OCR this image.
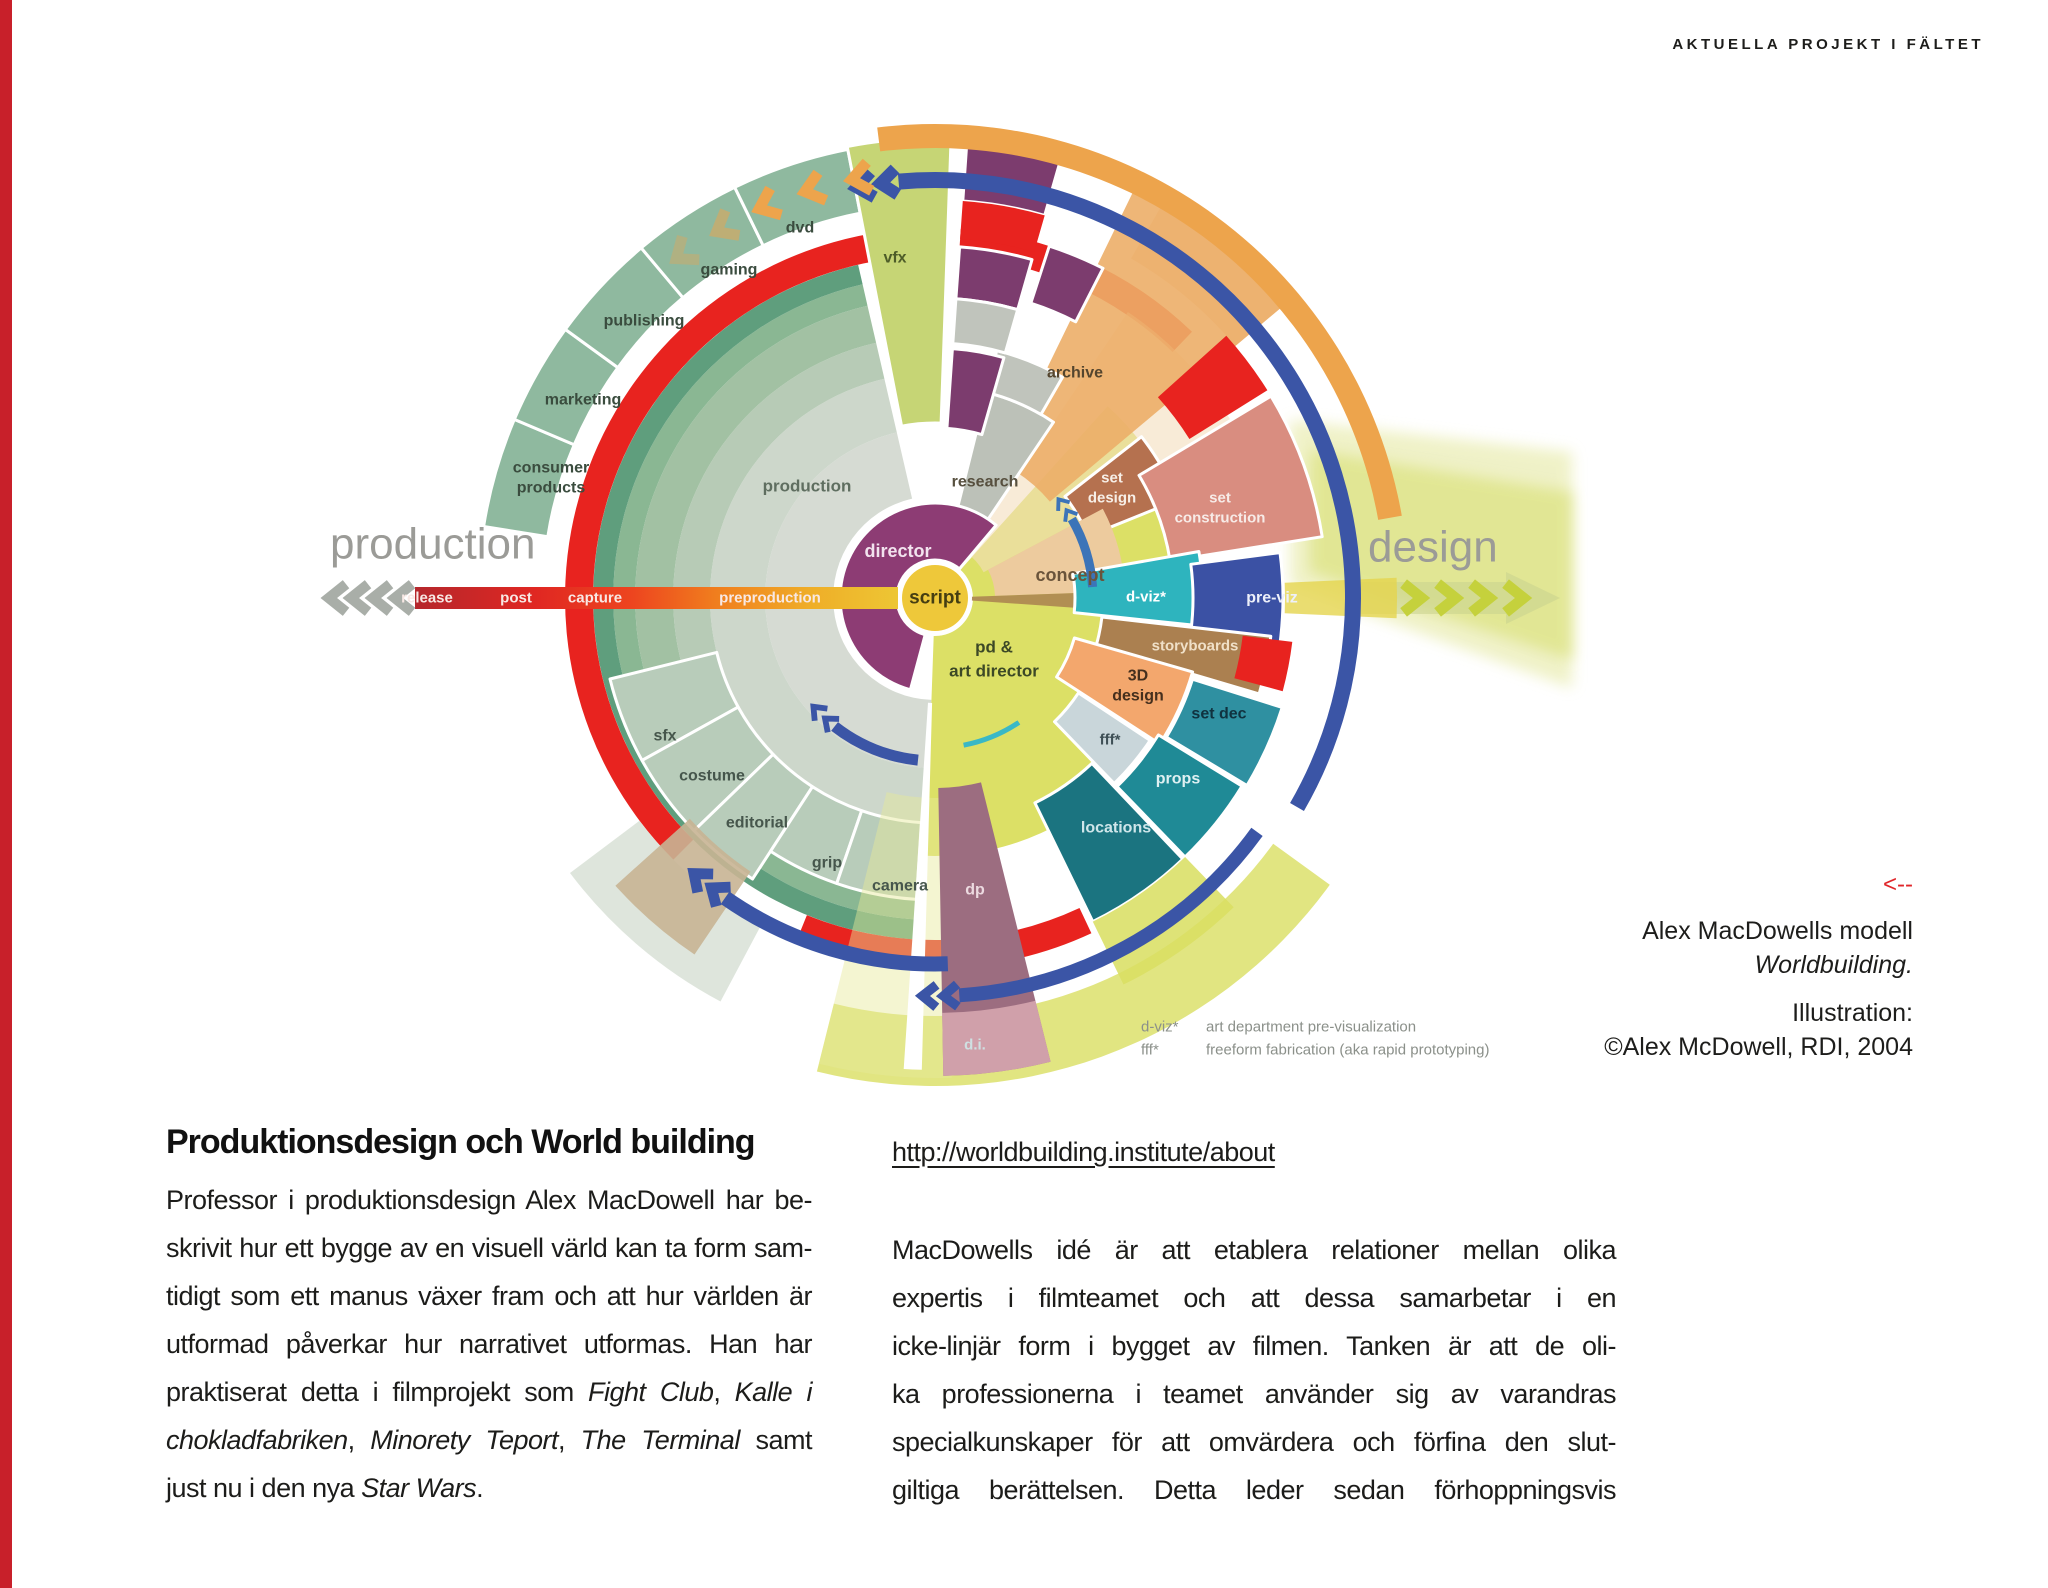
AKTUELLA PROJEKT I FÄLTET
dvd
gaming
publishing
marketing
consumer
products	production
sfx
costume
editorial
grip
camera
vfx
director
script
pd &
art director
concept
research
archive
set
design	set
construction
d-viz*	pre-viz
storyboards
3D
design
set dec
fff*
props
locations
dp
d.i.
release	post capture	preproduction
production	design
d-viz* art department pre-visualization
fff*	freeform fabrication (aka rapid prototyping)
<--
Alex MacDowells modell
Worldbuilding.
Illustration:
©Alex McDowell, RDI, 2004
Produktionsdesign och World building
Professor i produktionsdesign Alex MacDowell har be-
skrivit hur ett bygge av en visuell värld kan ta form sam-
tidigt som ett manus växer fram och att hur världen är
utformad påverkar hur narrativet utformas. Han har
praktiserat detta i filmprojekt som Fight Club, Kalle i
chokladfabriken, Minorety Teport, The Terminal samt
just nu i den nya Star Wars.
http://worldbuilding.institute/about
MacDowells idé är att etablera relationer mellan olika
expertis i filmteamet och att dessa samarbetar i en
icke-linjär form i bygget av filmen. Tanken är att de oli-
ka professionerna i teamet använder sig av varandras
specialkunskaper för att omvärdera och förfina den slut-
giltiga berättelsen. Detta leder sedan förhoppningsvis
